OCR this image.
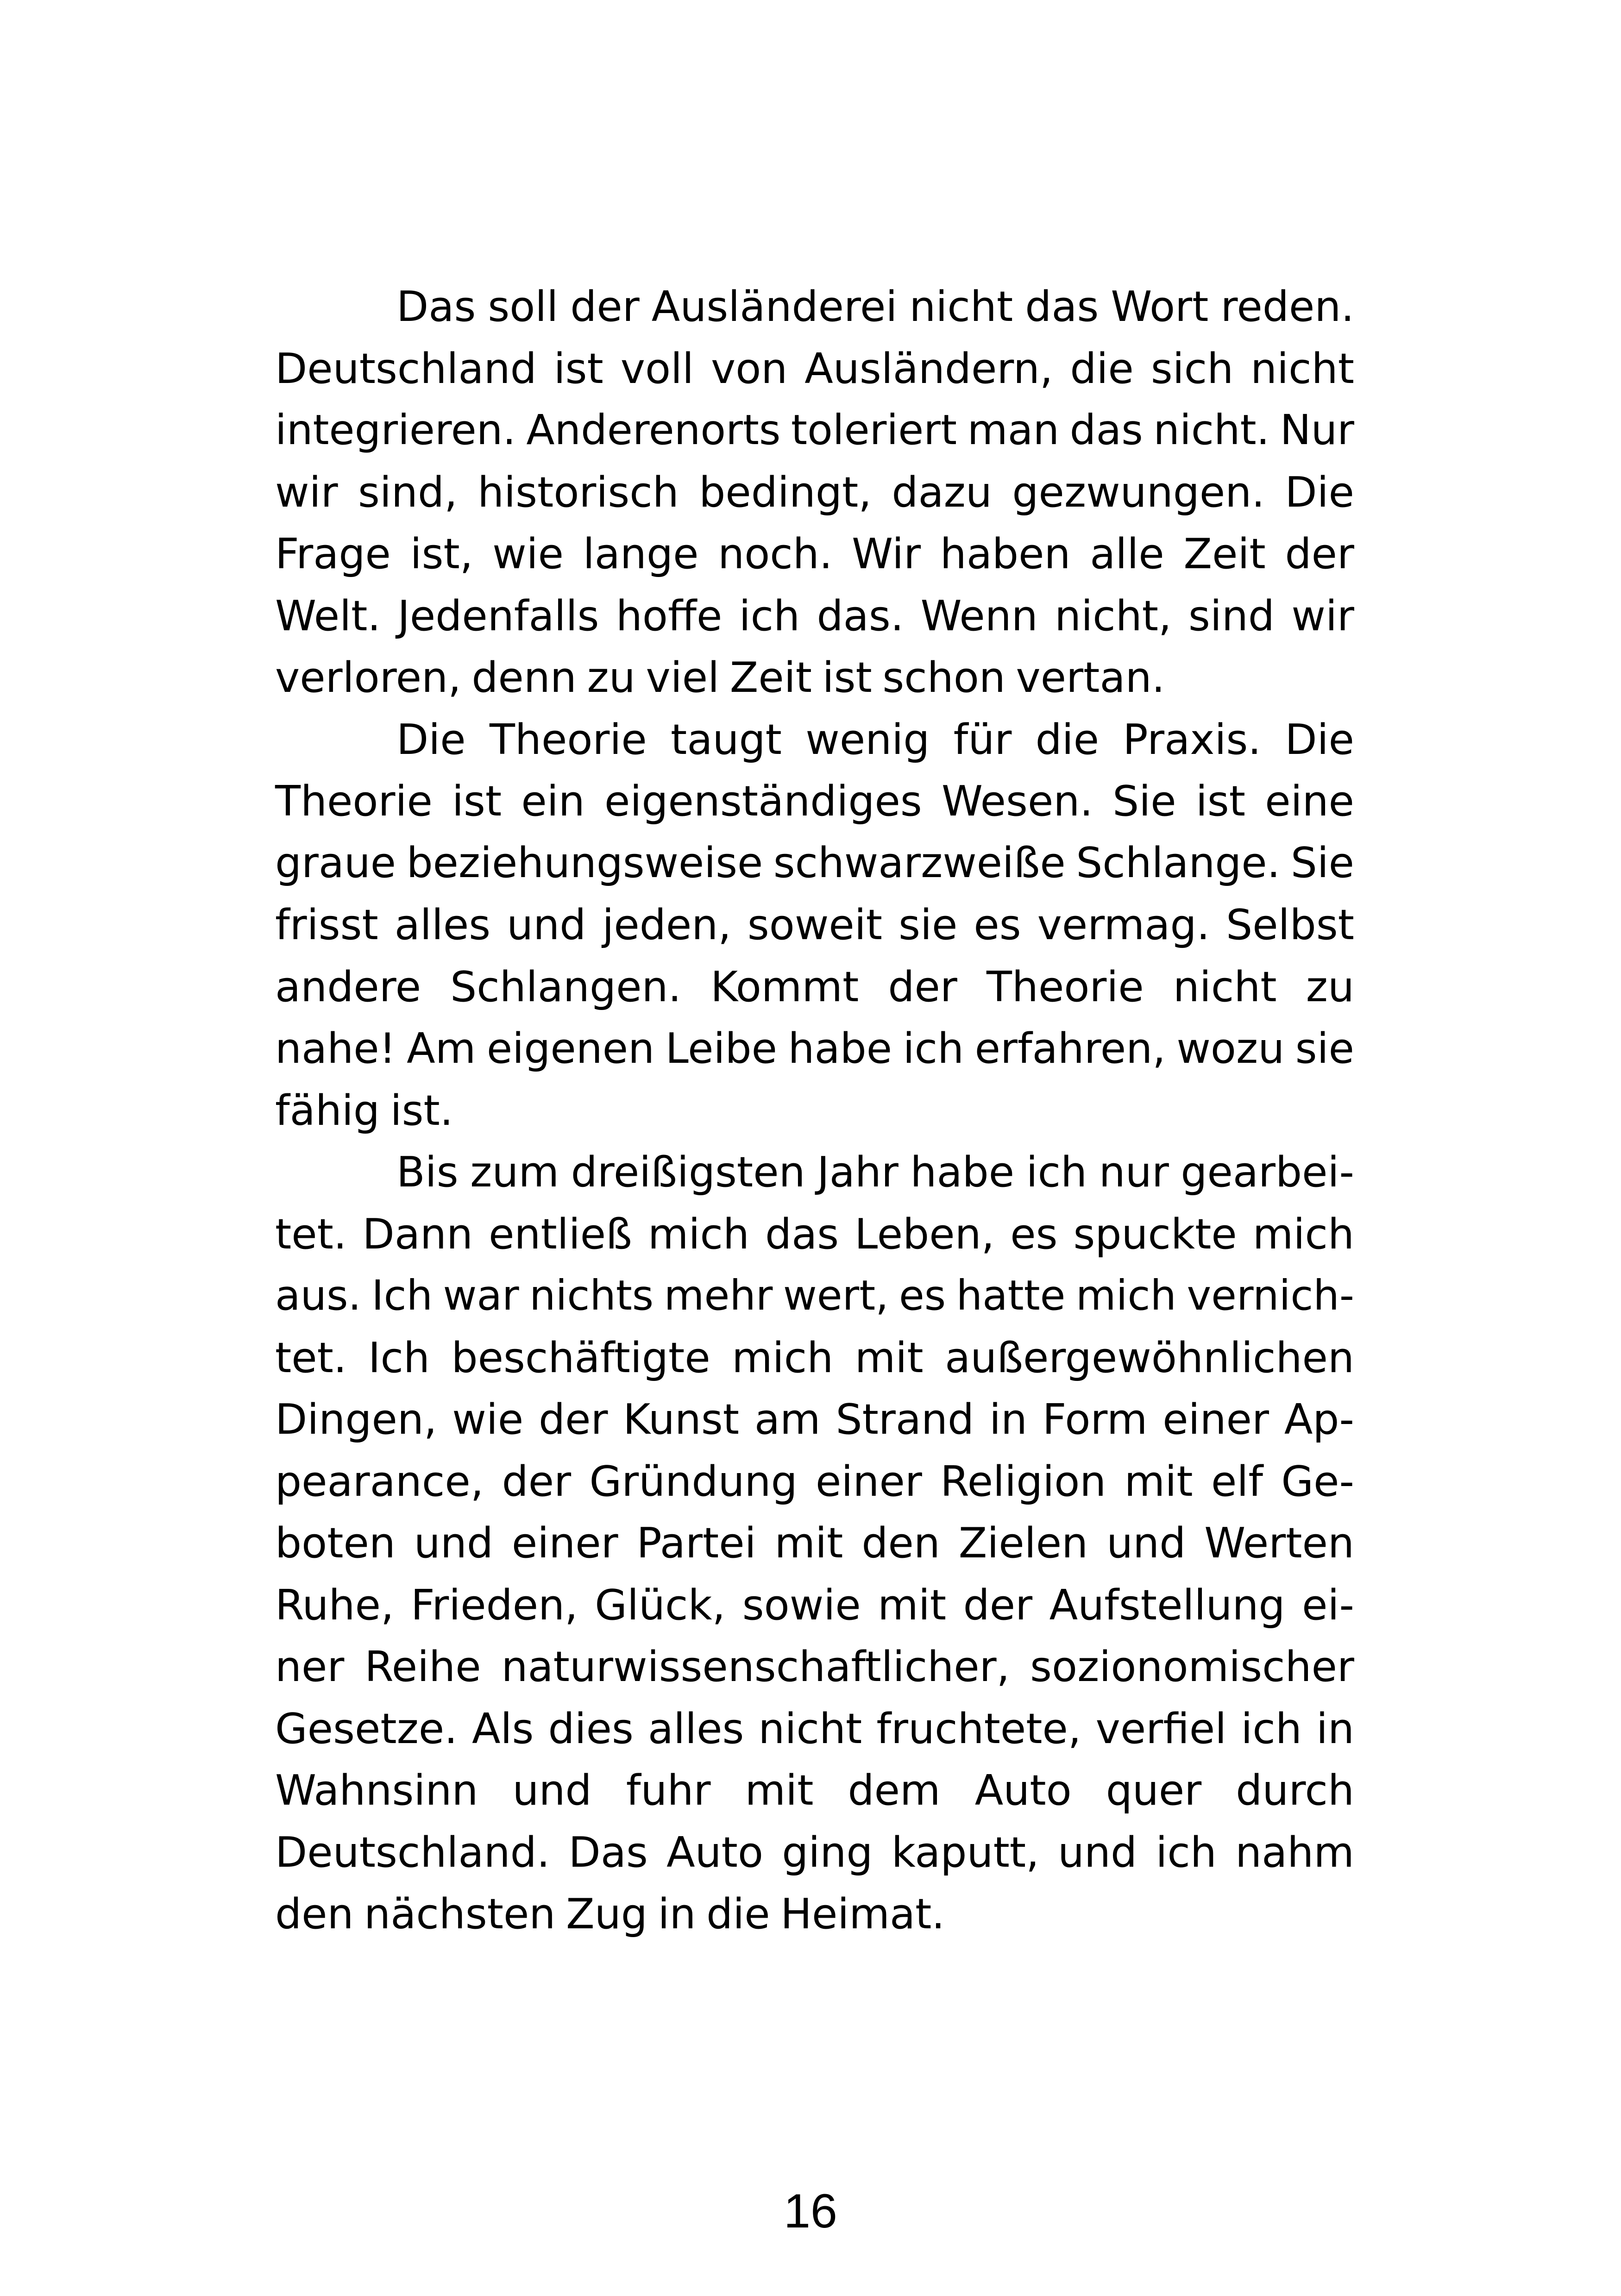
Das soll der Ausländerei nicht das Wort reden.
Deutschland ist voll von Ausländern, die sich nicht
integrieren. Anderenorts toleriert man das nicht. Nur
wir sind, historisch bedingt, dazu gezwungen. Die
Frage ist, wie lange noch. Wir haben alle Zeit der
Welt. Jedenfalls hoffe ich das. Wenn nicht, sind wir
verloren, denn zu viel Zeit ist schon vertan.
Die Theorie taugt wenig für die Praxis. Die
Theorie ist ein eigenständiges Wesen. Sie ist eine
graue beziehungsweise schwarzweiße Schlange. Sie
frisst alles und jeden, soweit sie es vermag. Selbst
andere Schlangen. Kommt der Theorie nicht zu
nahe! Am eigenen Leibe habe ich erfahren, wozu sie
fähig ist.
Bis zum dreißigsten Jahr habe ich nur gearbei-
tet. Dann entließ mich das Leben, es spuckte mich
aus. Ich war nichts mehr wert, es hatte mich vernich-
tet. Ich beschäftigte mich mit außergewöhnlichen
Dingen, wie der Kunst am Strand in Form einer Ap-
pearance, der Gründung einer Religion mit elf Ge-
boten und einer Partei mit den Zielen und Werten
Ruhe, Frieden, Glück, sowie mit der Aufstellung ei-
ner Reihe naturwissenschaftlicher, sozionomischer
Gesetze. Als dies alles nicht fruchtete, verfiel ich in
Wahnsinn und fuhr mit dem Auto quer durch
Deutschland. Das Auto ging kaputt, und ich nahm
den nächsten Zug in die Heimat.
16
